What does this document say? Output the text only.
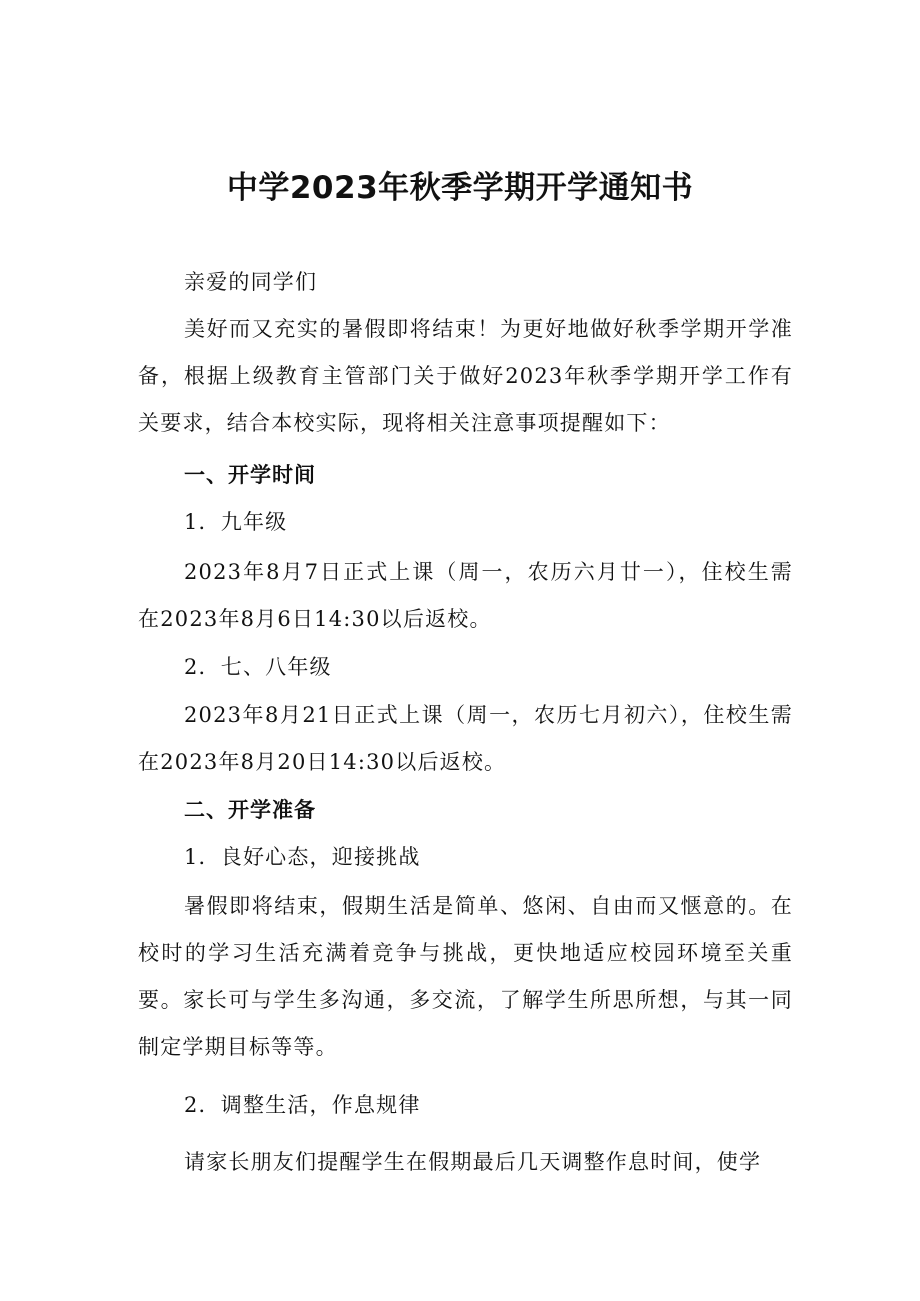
中学2023年秋季学期开学通知书

亲爱的同学们

美好而又充实的暑假即将结束！为更好地做好秋季学期开学准备，根据上级教育主管部门关于做好2023年秋季学期开学工作有关要求，结合本校实际，现将相关注意事项提醒如下：

一、开学时间

1．九年级

2023年8月7日正式上课（周一，农历六月廿一），住校生需在2023年8月6日14:30以后返校。

2．七、八年级

2023年8月21日正式上课（周一，农历七月初六），住校生需在2023年8月20日14:30以后返校。

二、开学准备

1．良好心态，迎接挑战

暑假即将结束，假期生活是简单、悠闲、自由而又惬意的。在校时的学习生活充满着竞争与挑战，更快地适应校园环境至关重要。家长可与学生多沟通，多交流，了解学生所思所想，与其一同制定学期目标等等。

2．调整生活，作息规律

请家长朋友们提醒学生在假期最后几天调整作息时间，使学
